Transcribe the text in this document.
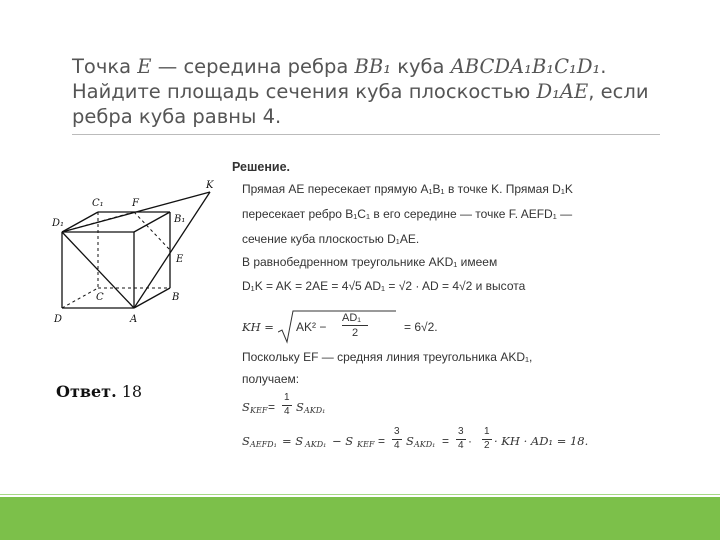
Точка E — середина ребра BB₁ куба ABCDA₁B₁C₁D₁.
Найдите площадь сечения куба плоскостью D₁AE, если
ребра куба равны 4.
C₁	F
K
D₁	B₁
E
C	B
D	A
Ответ. 18
Решение.
Прямая AE пересекает прямую A₁B₁ в точке K. Прямая D₁K
пересекает ребро B₁C₁ в его середине — точке F. AEFD₁ —
сечение куба плоскостью D₁AE.
В равнобедренном треугольнике AKD₁ имеем
D₁K = AK = 2AE = 4√5 AD₁ = √2 · AD = 4√2 и высота
KH = AK² −
AD₁
2	= 6√2.
Поскольку EF — средняя линия треугольника AKD₁,
получаем:
S KEF =
1
4 S AKD₁
S AEFD₁ = S AKD₁ − S KEF =
3
4 S AKD₁ =
3
4 ·
1
2 · KH · AD₁ = 18.
